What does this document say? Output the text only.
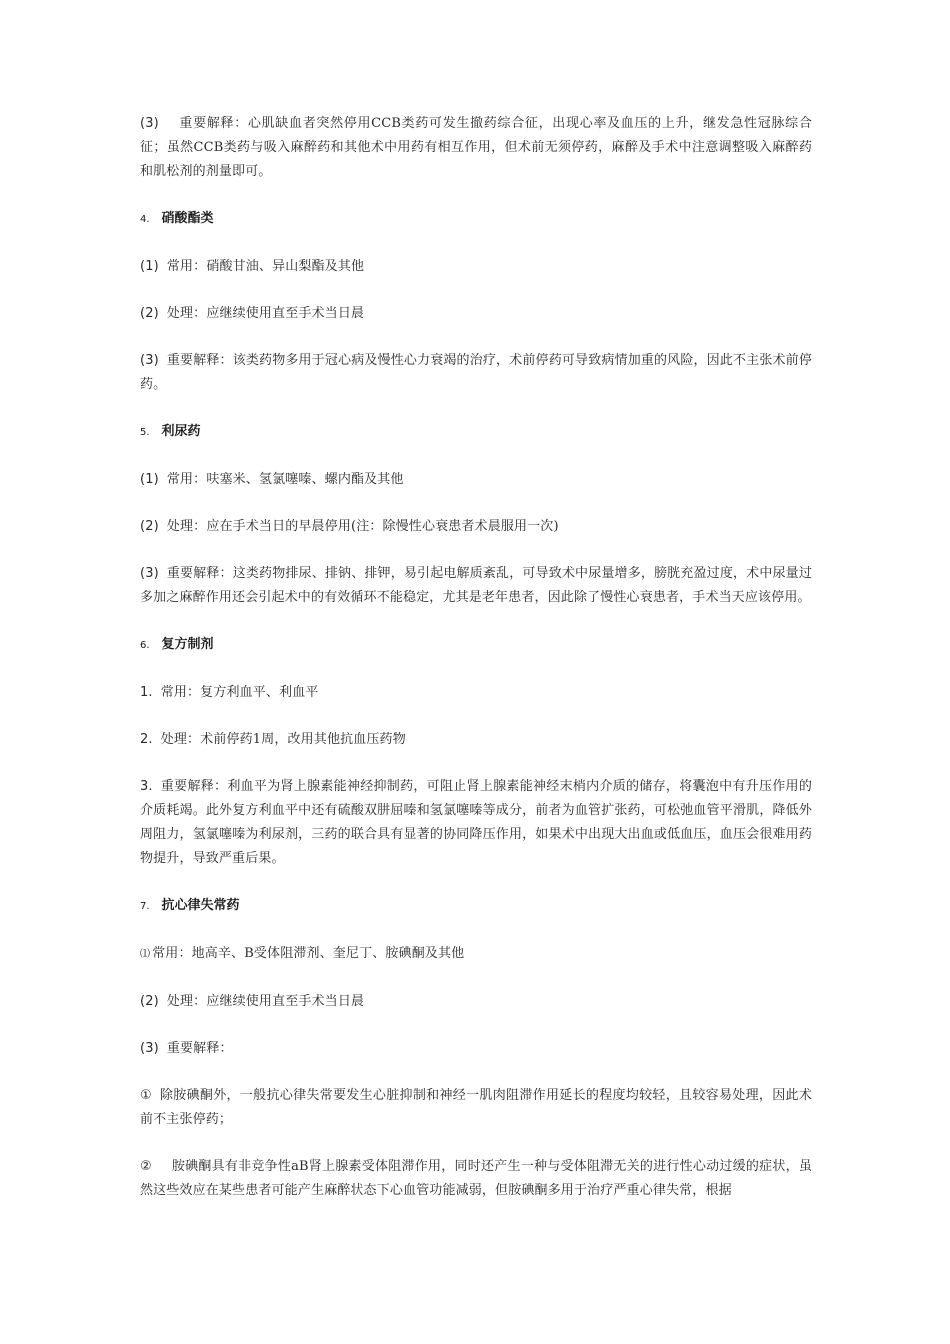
(3) 重要解释：心肌缺血者突然停用CCB类药可发生撤药综合征，出现心率及血压的上升，继发急性冠脉综合征；虽然CCB类药与吸入麻醉药和其他术中用药有相互作用，但术前无须停药，麻醉及手术中注意调整吸入麻醉药和肌松剂的剂量即可。

4. 硝酸酯类

(1) 常用：硝酸甘油、异山梨酯及其他

(2) 处理：应继续使用直至手术当日晨

(3) 重要解释：该类药物多用于冠心病及慢性心力衰竭的治疗，术前停药可导致病情加重的风险，因此不主张术前停药。

5. 利尿药

(1) 常用：呋塞米、氢氯噻嗪、螺内酯及其他

(2) 处理：应在手术当日的早晨停用(注：除慢性心衰患者术晨服用一次)

(3) 重要解释：这类药物排尿、排钠、排钾，易引起电解质紊乱，可导致术中尿量增多，膀胱充盈过度，术中尿量过多加之麻醉作用还会引起术中的有效循环不能稳定，尤其是老年患者，因此除了慢性心衰患者，手术当天应该停用。

6. 复方制剂

1. 常用：复方利血平、利血平

2. 处理：术前停药1周，改用其他抗血压药物

3. 重要解释：利血平为肾上腺素能神经抑制药，可阻止肾上腺素能神经末梢内介质的储存，将囊泡中有升压作用的介质耗竭。此外复方利血平中还有硫酸双肼屈嗪和氢氯噻嗪等成分，前者为血管扩张药，可松弛血管平滑肌，降低外周阻力，氢氯噻嗪为利尿剂，三药的联合具有显著的协同降压作用，如果术中出现大出血或低血压，血压会很难用药物提升，导致严重后果。

7. 抗心律失常药

⑴ 常用：地高辛、B受体阻滞剂、奎尼丁、胺碘酮及其他

(2) 处理：应继续使用直至手术当日晨

(3) 重要解释：

① 除胺碘酮外，一般抗心律失常要发生心脏抑制和神经一肌肉阻滞作用延长的程度均较轻，且较容易处理，因此术前不主张停药；

② 胺碘酮具有非竞争性aB肾上腺素受体阻滞作用，同时还产生一种与受体阻滞无关的进行性心动过缓的症状，虽然这些效应在某些患者可能产生麻醉状态下心血管功能减弱，但胺碘酮多用于治疗严重心律失常，根据
